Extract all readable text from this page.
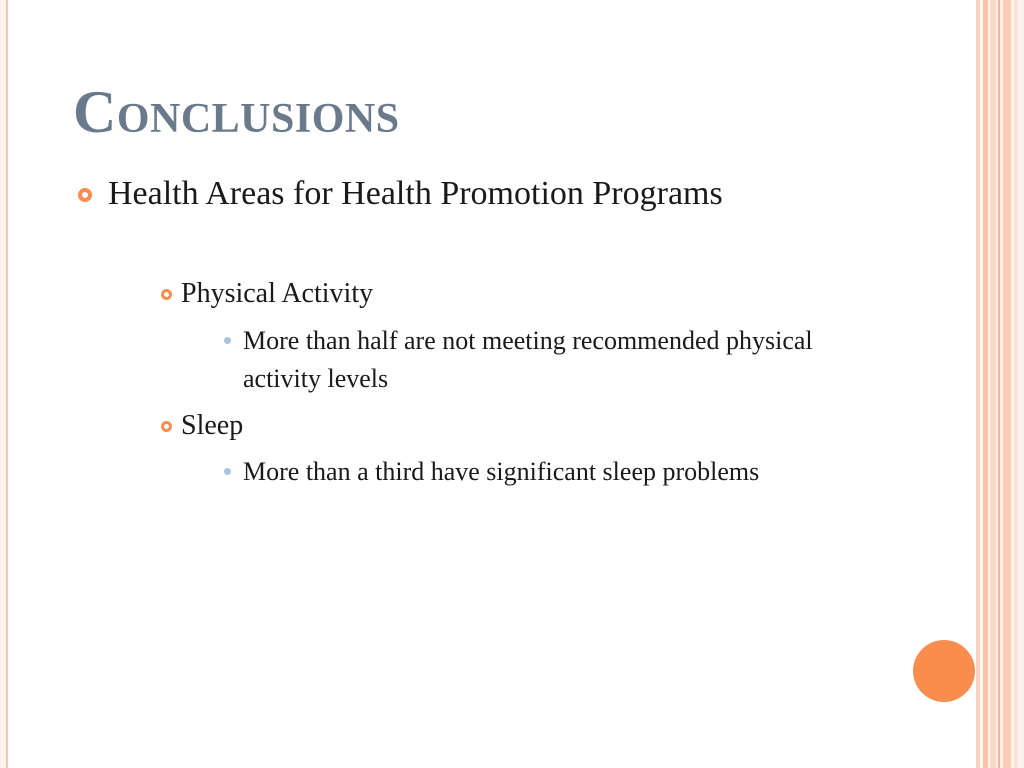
Conclusions
Health Areas for Health Promotion Programs
Physical Activity
More than half are not meeting recommended physical activity levels
Sleep
More than a third have significant sleep problems
